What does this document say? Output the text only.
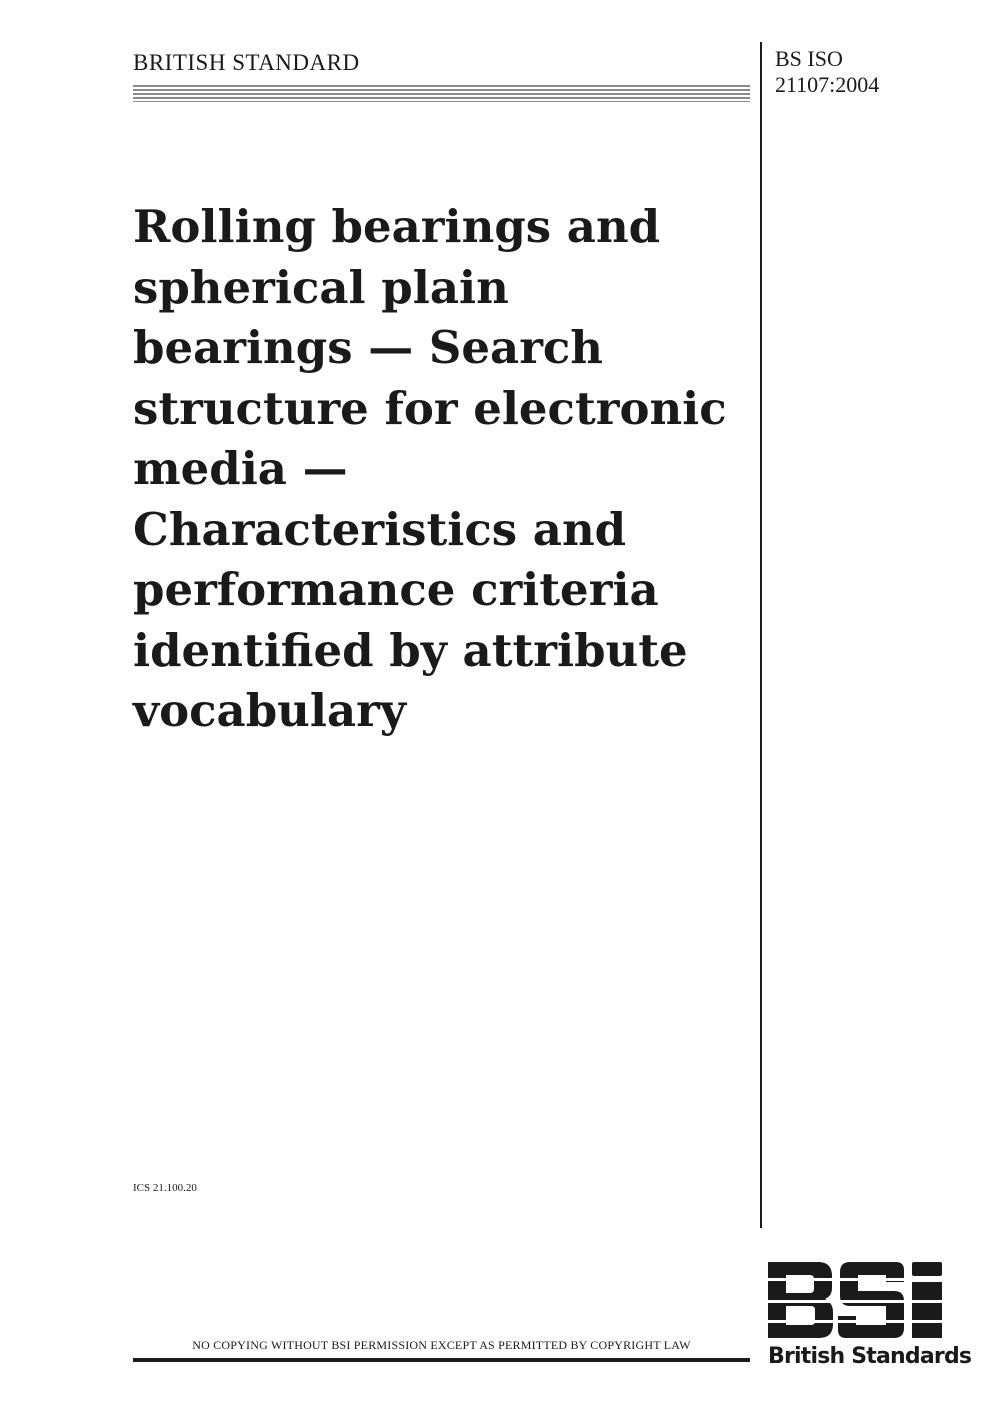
BRITISH STANDARD	BS ISO
21107:2004
Rolling bearings and
spherical plain
bearings — Search
structure for electronic
media —
Characteristics and
performance criteria
identified by attribute
vocabulary
ICS 21.100.20
NO COPYING WITHOUT BSI PERMISSION EXCEPT AS PERMITTED BY COPYRIGHT LAW	British Standards
